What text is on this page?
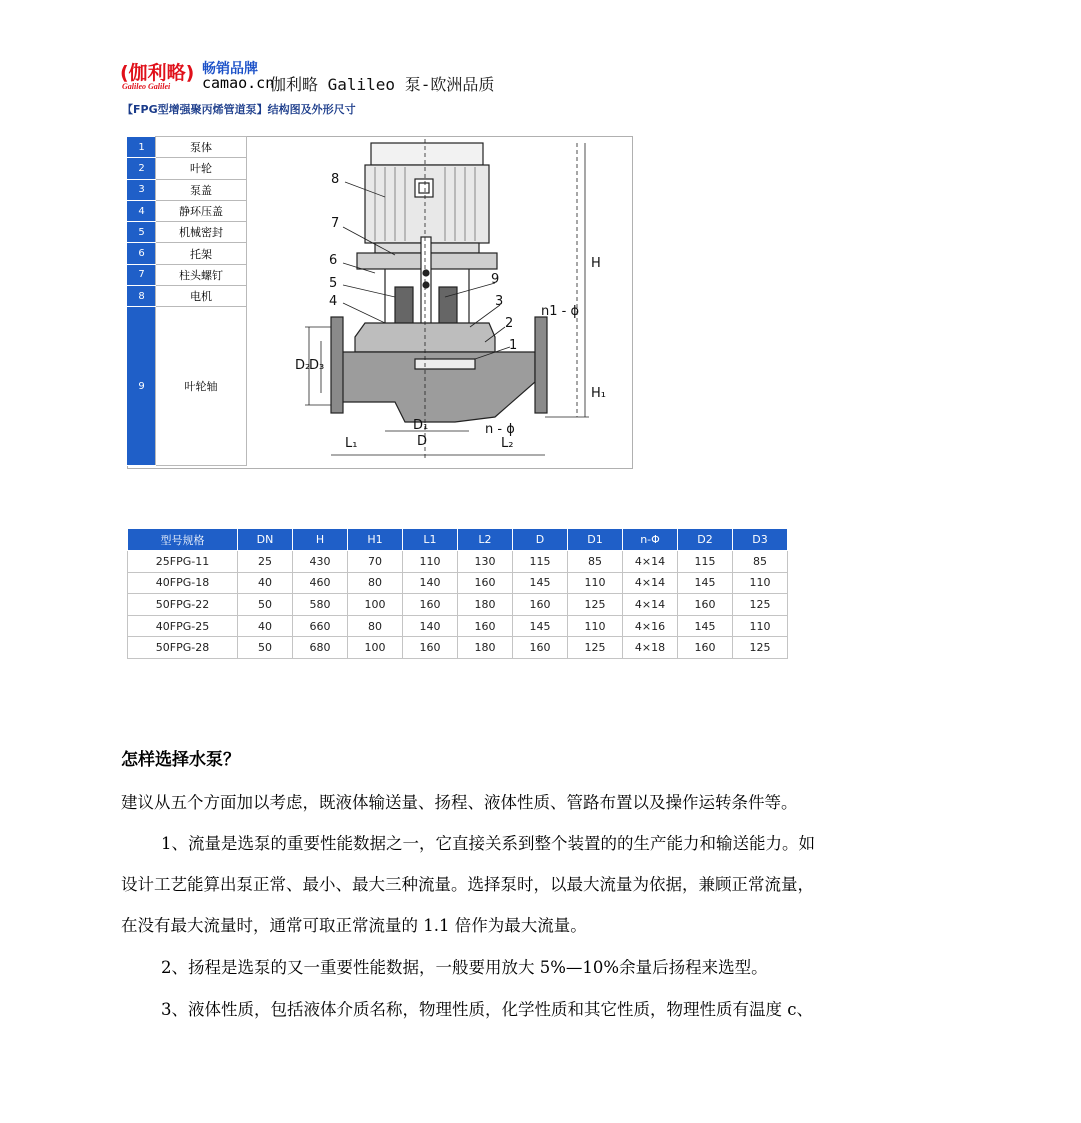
(伽利略)
Galileo Galilei
畅销品牌
camao.cn
伽利略 Galileo 泵-欧洲品质
【FPG型增强聚丙烯管道泵】结构图及外形尺寸
1	泵体
2	叶轮
3	泵盖
4	静环压盖
5	机械密封
6	托架
7	柱头螺钉
8	电机
9	叶轮轴
8
7
6
5
4
9
3
2
1
H
H₁
n1 - ϕ
n - ϕ
D₂
D₃
D₁
D
L₁	L₂
型号规格	DN	H	H1	L1	L2	D	D1	n-Φ	D2	D3
25FPG-11	25	430	70	110	130	115	85	4×14	115	85
40FPG-18	40	460	80	140	160	145	110	4×14	145	110
50FPG-22	50	580	100	160	180	160	125	4×14	160	125
40FPG-25	40	660	80	140	160	145	110	4×16	145	110
50FPG-28	50	680	100	160	180	160	125	4×18	160	125
怎样选择水泵？
建议从五个方面加以考虑，既液体输送量、扬程、液体性质、管路布置以及操作运转条件等。
1、流量是选泵的重要性能数据之一，它直接关系到整个装置的的生产能力和输送能力。如
设计工艺能算出泵正常、最小、最大三种流量。选择泵时，以最大流量为依据，兼顾正常流量，
在没有最大流量时，通常可取正常流量的 1.1 倍作为最大流量。
2、扬程是选泵的又一重要性能数据，一般要用放大 5%—10%余量后扬程来选型。
3、液体性质，包括液体介质名称，物理性质，化学性质和其它性质，物理性质有温度 c、
